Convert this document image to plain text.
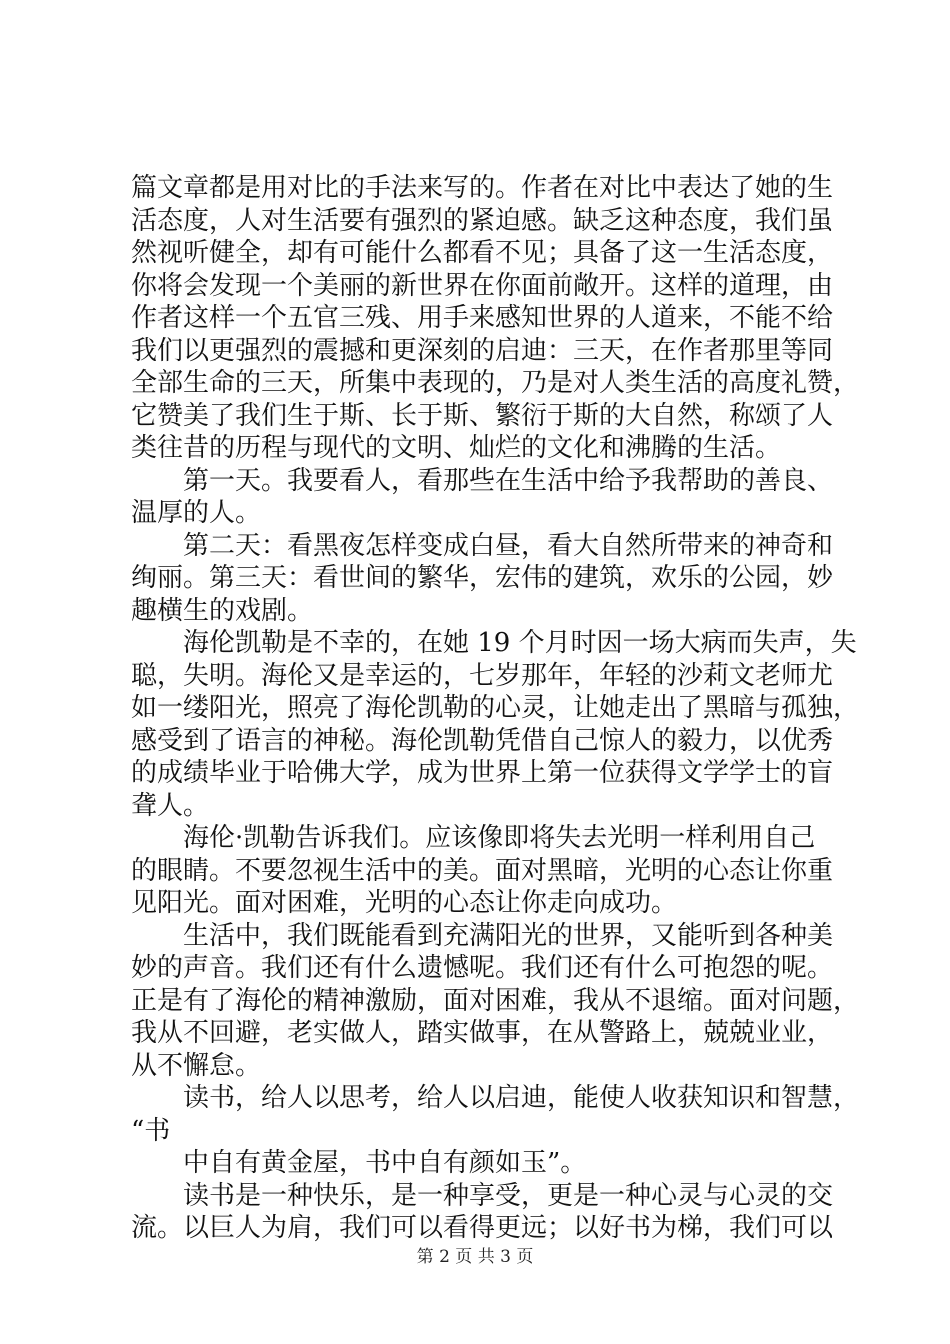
篇文章都是用对比的手法来写的。作者在对比中表达了她的生
活态度，人对生活要有强烈的紧迫感。缺乏这种态度，我们虽
然视听健全，却有可能什么都看不见；具备了这一生活态度，
你将会发现一个美丽的新世界在你面前敞开。这样的道理，由
作者这样一个五官三残、用手来感知世界的人道来，不能不给
我们以更强烈的震撼和更深刻的启迪：三天，在作者那里等同
全部生命的三天，所集中表现的，乃是对人类生活的高度礼赞，
它赞美了我们生于斯、长于斯、繁衍于斯的大自然，称颂了人
类往昔的历程与现代的文明、灿烂的文化和沸腾的生活。
第一天。我要看人，看那些在生活中给予我帮助的善良、
温厚的人。
第二天：看黑夜怎样变成白昼，看大自然所带来的神奇和
绚丽。第三天：看世间的繁华，宏伟的建筑，欢乐的公园，妙
趣横生的戏剧。
海伦凯勒是不幸的，在她 19 个月时因一场大病而失声，失
聪，失明。海伦又是幸运的，七岁那年，年轻的沙莉文老师尤
如一缕阳光，照亮了海伦凯勒的心灵，让她走出了黑暗与孤独，
感受到了语言的神秘。海伦凯勒凭借自己惊人的毅力，以优秀
的成绩毕业于哈佛大学，成为世界上第一位获得文学学士的盲
聋人。
海伦·凯勒告诉我们。应该像即将失去光明一样利用自己
的眼睛。不要忽视生活中的美。面对黑暗，光明的心态让你重
见阳光。面对困难，光明的心态让你走向成功。
生活中，我们既能看到充满阳光的世界，又能听到各种美
妙的声音。我们还有什么遗憾呢。我们还有什么可抱怨的呢。
正是有了海伦的精神激励，面对困难，我从不退缩。面对问题，
我从不回避，老实做人，踏实做事，在从警路上，兢兢业业，
从不懈怠。
读书，给人以思考，给人以启迪，能使人收获知识和智慧，
“书
中自有黄金屋，书中自有颜如玉”。
读书是一种快乐，是一种享受，更是一种心灵与心灵的交
流。以巨人为肩，我们可以看得更远；以好书为梯，我们可以
第 2 页 共 3 页
